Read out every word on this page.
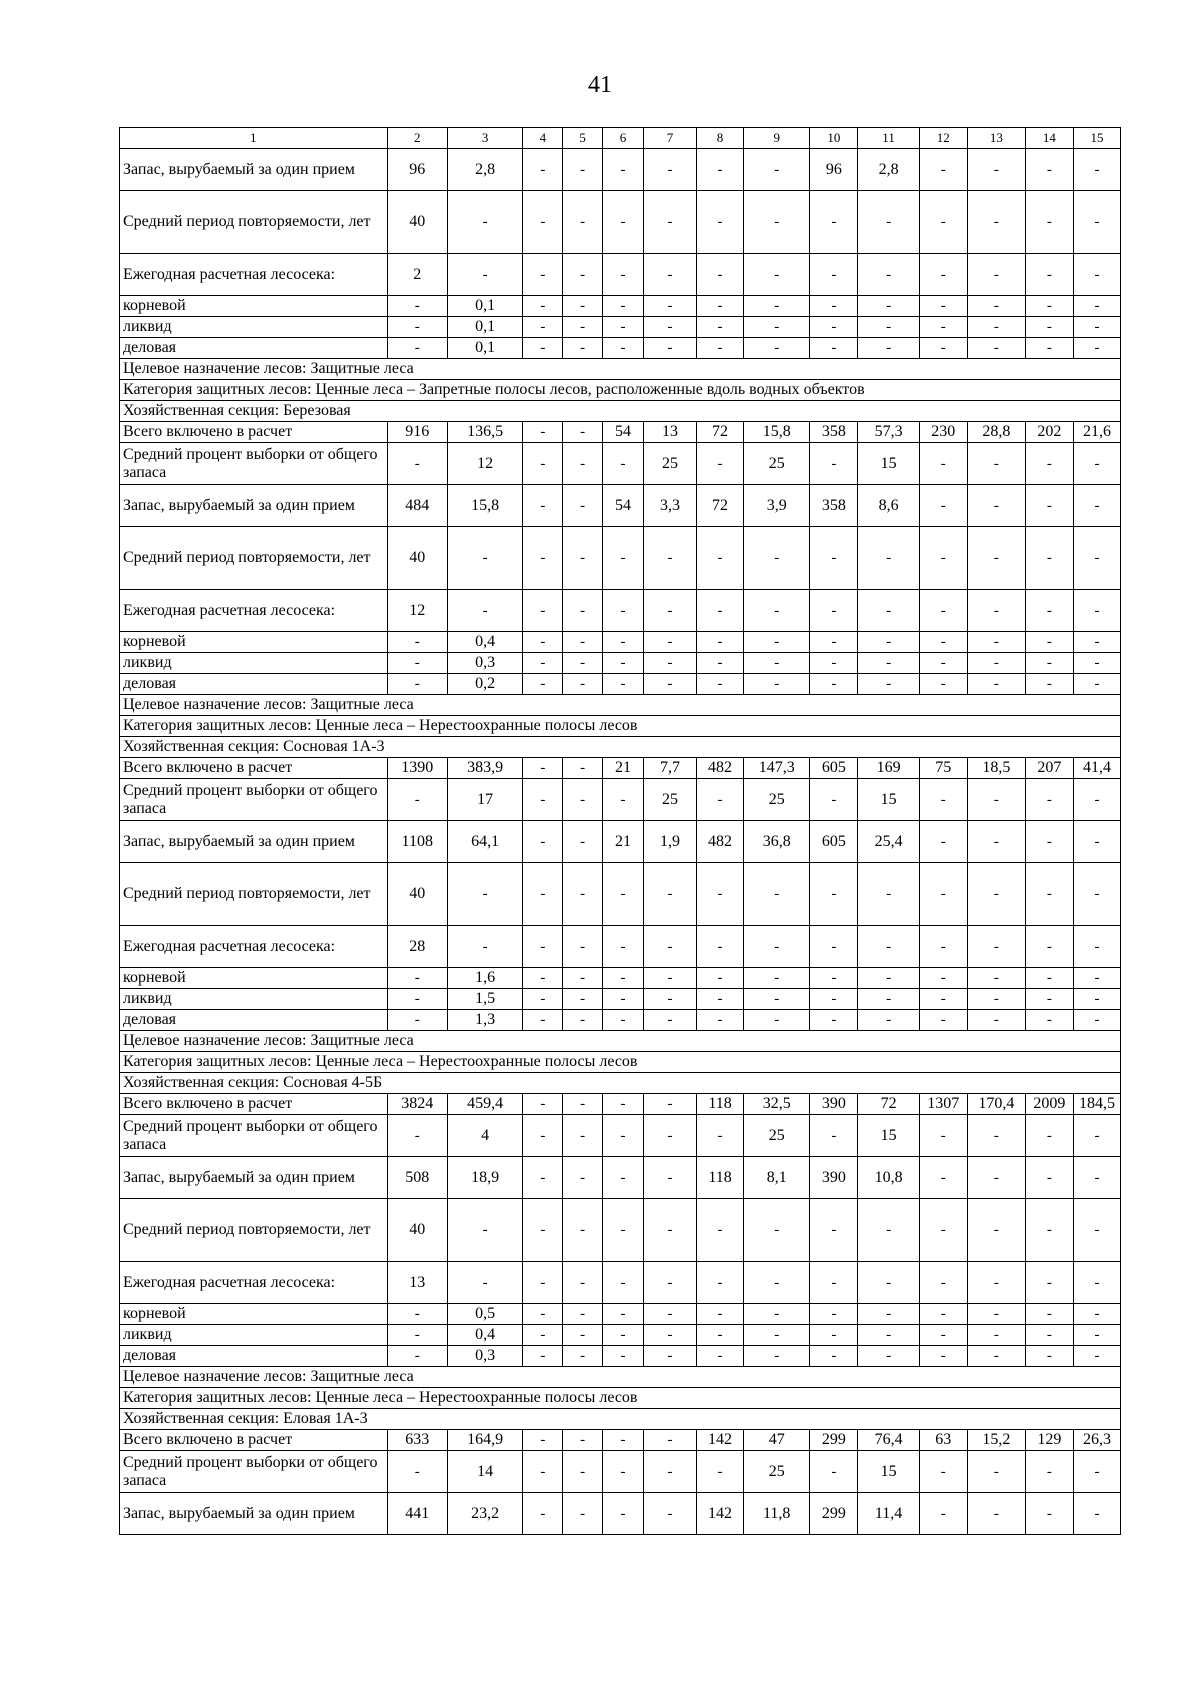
41
1	2	3	4	5	6	7	8	9	10	11	12	13	14	15
Запас, вырубаемый за один прием	96	2,8	-	-	-	-	-	-	96	2,8	-	-	-	-
Средний период повторяемости, лет	40	-	-	-	-	-	-	-	-	-	-	-	-	-
Ежегодная расчетная лесосека:	2	-	-	-	-	-	-	-	-	-	-	-	-	-
корневой	-	0,1	-	-	-	-	-	-	-	-	-	-	-	-
ликвид	-	0,1	-	-	-	-	-	-	-	-	-	-	-	-
деловая	-	0,1	-	-	-	-	-	-	-	-	-	-	-	-
Целевое назначение лесов: Защитные леса														
Категория защитных лесов: Ценные леса – Запретные полосы лесов, расположенные вдоль водных объектов														
Хозяйственная секция: Березовая														
Всего включено в расчет	916	136,5	-	-	54	13	72	15,8	358	57,3	230	28,8	202	21,6
Средний процент выборки от общего запаса	-	12	-	-	-	25	-	25	-	15	-	-	-	-
Запас, вырубаемый за один прием	484	15,8	-	-	54	3,3	72	3,9	358	8,6	-	-	-	-
Средний период повторяемости, лет	40	-	-	-	-	-	-	-	-	-	-	-	-	-
Ежегодная расчетная лесосека:	12	-	-	-	-	-	-	-	-	-	-	-	-	-
корневой	-	0,4	-	-	-	-	-	-	-	-	-	-	-	-
ликвид	-	0,3	-	-	-	-	-	-	-	-	-	-	-	-
деловая	-	0,2	-	-	-	-	-	-	-	-	-	-	-	-
Целевое назначение лесов: Защитные леса														
Категория защитных лесов: Ценные леса – Нерестоохранные полосы лесов														
Хозяйственная секция: Сосновая 1А-3														
Всего включено в расчет	1390	383,9	-	-	21	7,7	482	147,3	605	169	75	18,5	207	41,4
Средний процент выборки от общего запаса	-	17	-	-	-	25	-	25	-	15	-	-	-	-
Запас, вырубаемый за один прием	1108	64,1	-	-	21	1,9	482	36,8	605	25,4	-	-	-	-
Средний период повторяемости, лет	40	-	-	-	-	-	-	-	-	-	-	-	-	-
Ежегодная расчетная лесосека:	28	-	-	-	-	-	-	-	-	-	-	-	-	-
корневой	-	1,6	-	-	-	-	-	-	-	-	-	-	-	-
ликвид	-	1,5	-	-	-	-	-	-	-	-	-	-	-	-
деловая	-	1,3	-	-	-	-	-	-	-	-	-	-	-	-
Целевое назначение лесов: Защитные леса														
Категория защитных лесов: Ценные леса – Нерестоохранные полосы лесов														
Хозяйственная секция: Сосновая 4-5Б														
Всего включено в расчет	3824	459,4	-	-	-	-	118	32,5	390	72	1307	170,4	2009	184,5
Средний процент выборки от общего запаса	-	4	-	-	-	-	-	25	-	15	-	-	-	-
Запас, вырубаемый за один прием	508	18,9	-	-	-	-	118	8,1	390	10,8	-	-	-	-
Средний период повторяемости, лет	40	-	-	-	-	-	-	-	-	-	-	-	-	-
Ежегодная расчетная лесосека:	13	-	-	-	-	-	-	-	-	-	-	-	-	-
корневой	-	0,5	-	-	-	-	-	-	-	-	-	-	-	-
ликвид	-	0,4	-	-	-	-	-	-	-	-	-	-	-	-
деловая	-	0,3	-	-	-	-	-	-	-	-	-	-	-	-
Целевое назначение лесов: Защитные леса														
Категория защитных лесов: Ценные леса – Нерестоохранные полосы лесов														
Хозяйственная секция: Еловая 1А-3														
Всего включено в расчет	633	164,9	-	-	-	-	142	47	299	76,4	63	15,2	129	26,3
Средний процент выборки от общего запаса	-	14	-	-	-	-	-	25	-	15	-	-	-	-
Запас, вырубаемый за один прием	441	23,2	-	-	-	-	142	11,8	299	11,4	-	-	-	-
